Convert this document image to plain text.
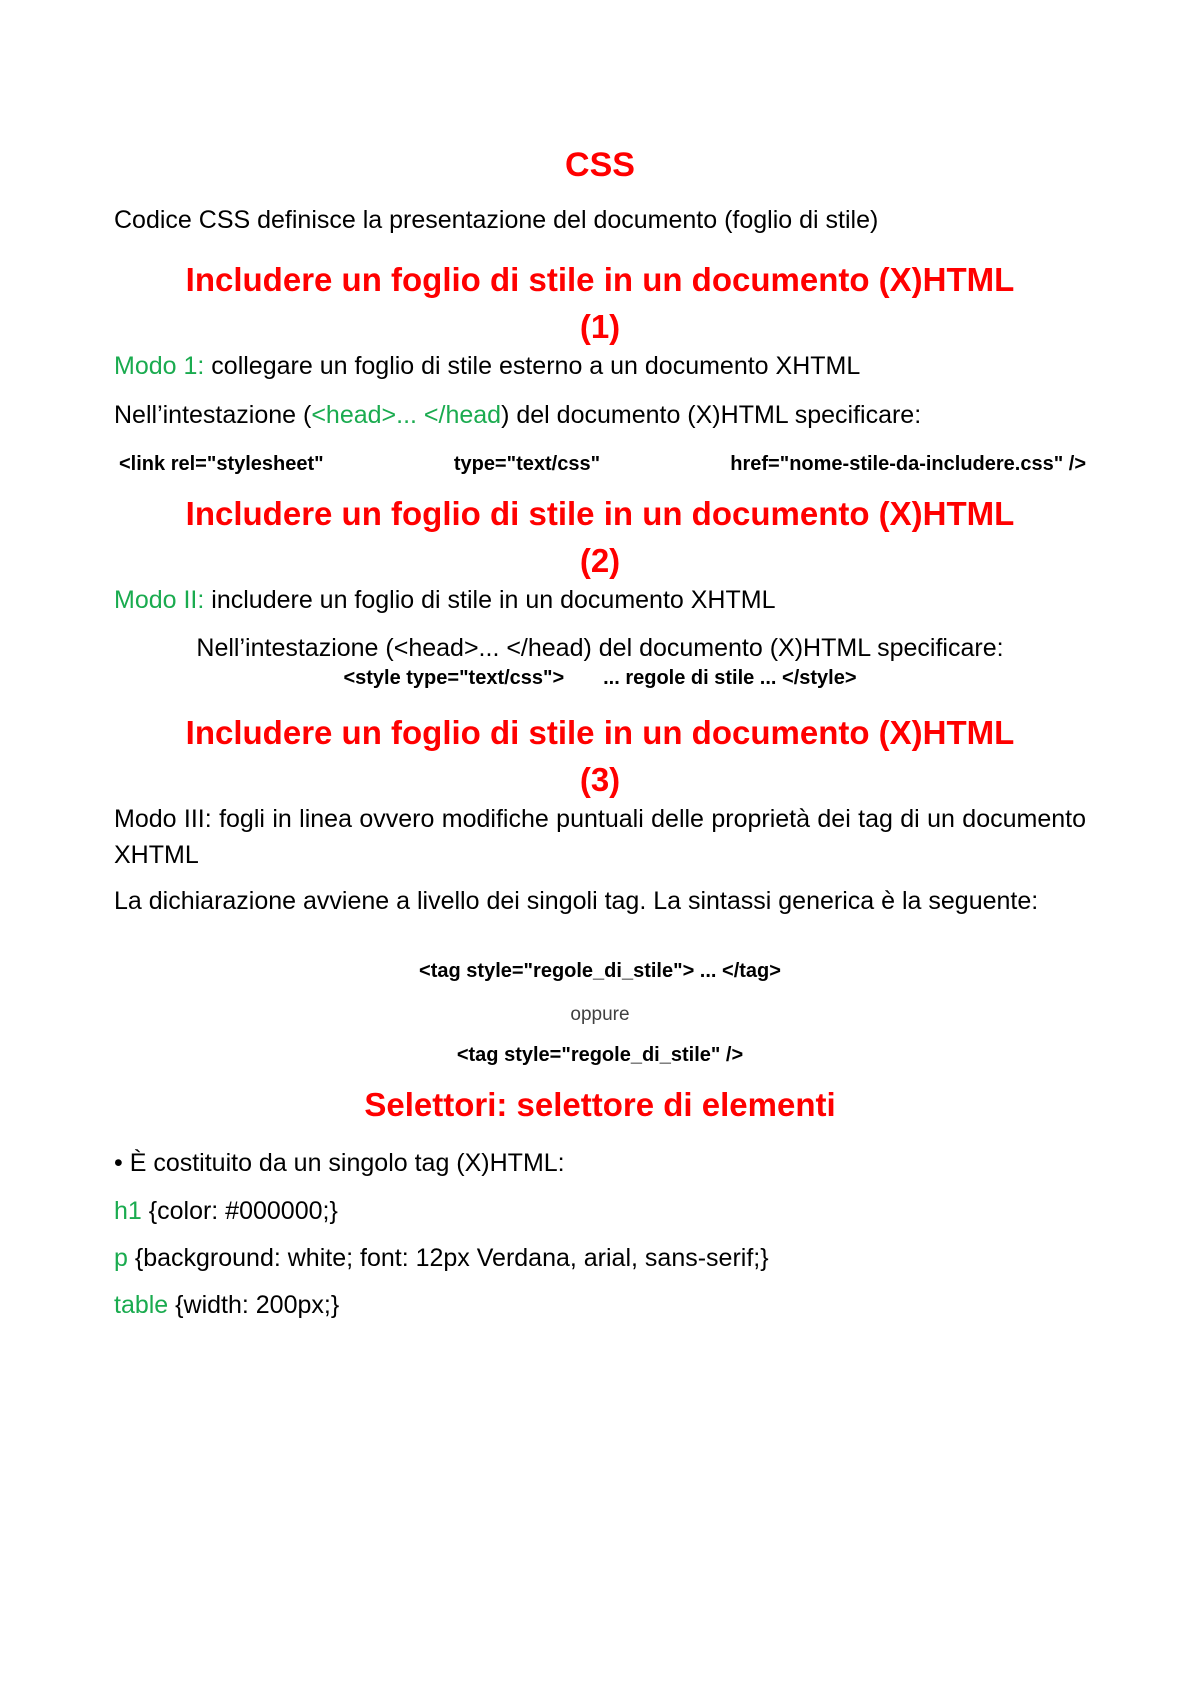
CSS
Codice CSS definisce la presentazione del documento (foglio di stile)
Includere un foglio di stile in un documento (X)HTML
(1)
Modo 1: collegare un foglio di stile esterno a un documento XHTML
Nell’intestazione (<head>... </head) del documento (X)HTML specificare:
<link rel="stylesheet"	type="text/css"	href="nome-stile-da-includere.css" />
Includere un foglio di stile in un documento (X)HTML
(2)
Modo II: includere un foglio di stile in un documento XHTML
Nell’intestazione (<head>... </head) del documento (X)HTML specificare:
<style type="text/css">       ... regole di stile ... </style>
Includere un foglio di stile in un documento (X)HTML
(3)
Modo III: fogli in linea ovvero modifiche puntuali delle proprietà dei tag di un documento XHTML
La dichiarazione avviene a livello dei singoli tag. La sintassi generica è la seguente:
<tag style="regole_di_stile"> ... </tag>
oppure
<tag style="regole_di_stile" />
Selettori: selettore di elementi
• È costituito da un singolo tag (X)HTML:
h1 {color: #000000;}
p {background: white; font: 12px Verdana, arial, sans-serif;}
table {width: 200px;}
